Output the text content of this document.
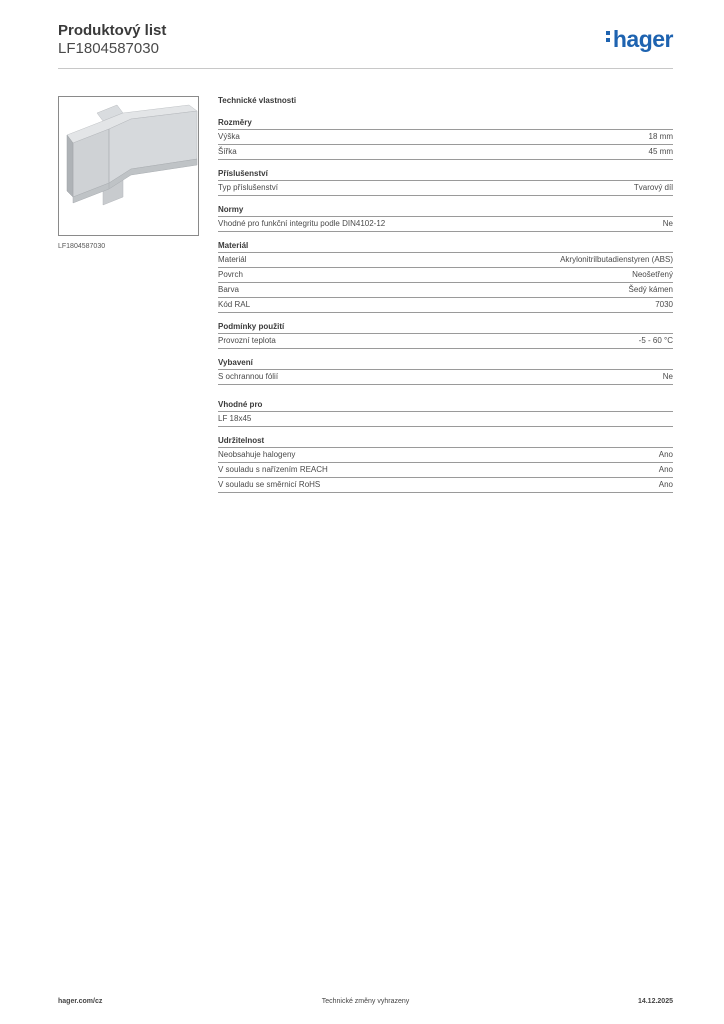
Produktový list
LF1804587030	hager
LF1804587030
Technické vlastnosti
Rozměry
Výška	18 mm
Šířka	45 mm
Příslušenství
Typ příslušenství	Tvarový díl
Normy
Vhodné pro funkční integritu podle DIN4102-12	Ne
Materiál
Materiál	Akrylonitrilbutadienstyren (ABS)
Povrch	Neošetřený
Barva	Šedý kámen
Kód RAL	7030
Podmínky použití
Provozní teplota	-5 - 60 °C
Vybavení
S ochrannou fólií	Ne
Vhodné pro
LF 18x45
Udržitelnost
Neobsahuje halogeny	Ano
V souladu s nařízením REACH	Ano
V souladu se směrnicí RoHS	Ano
hager.com/cz	Technické změny vyhrazeny	14.12.2025
